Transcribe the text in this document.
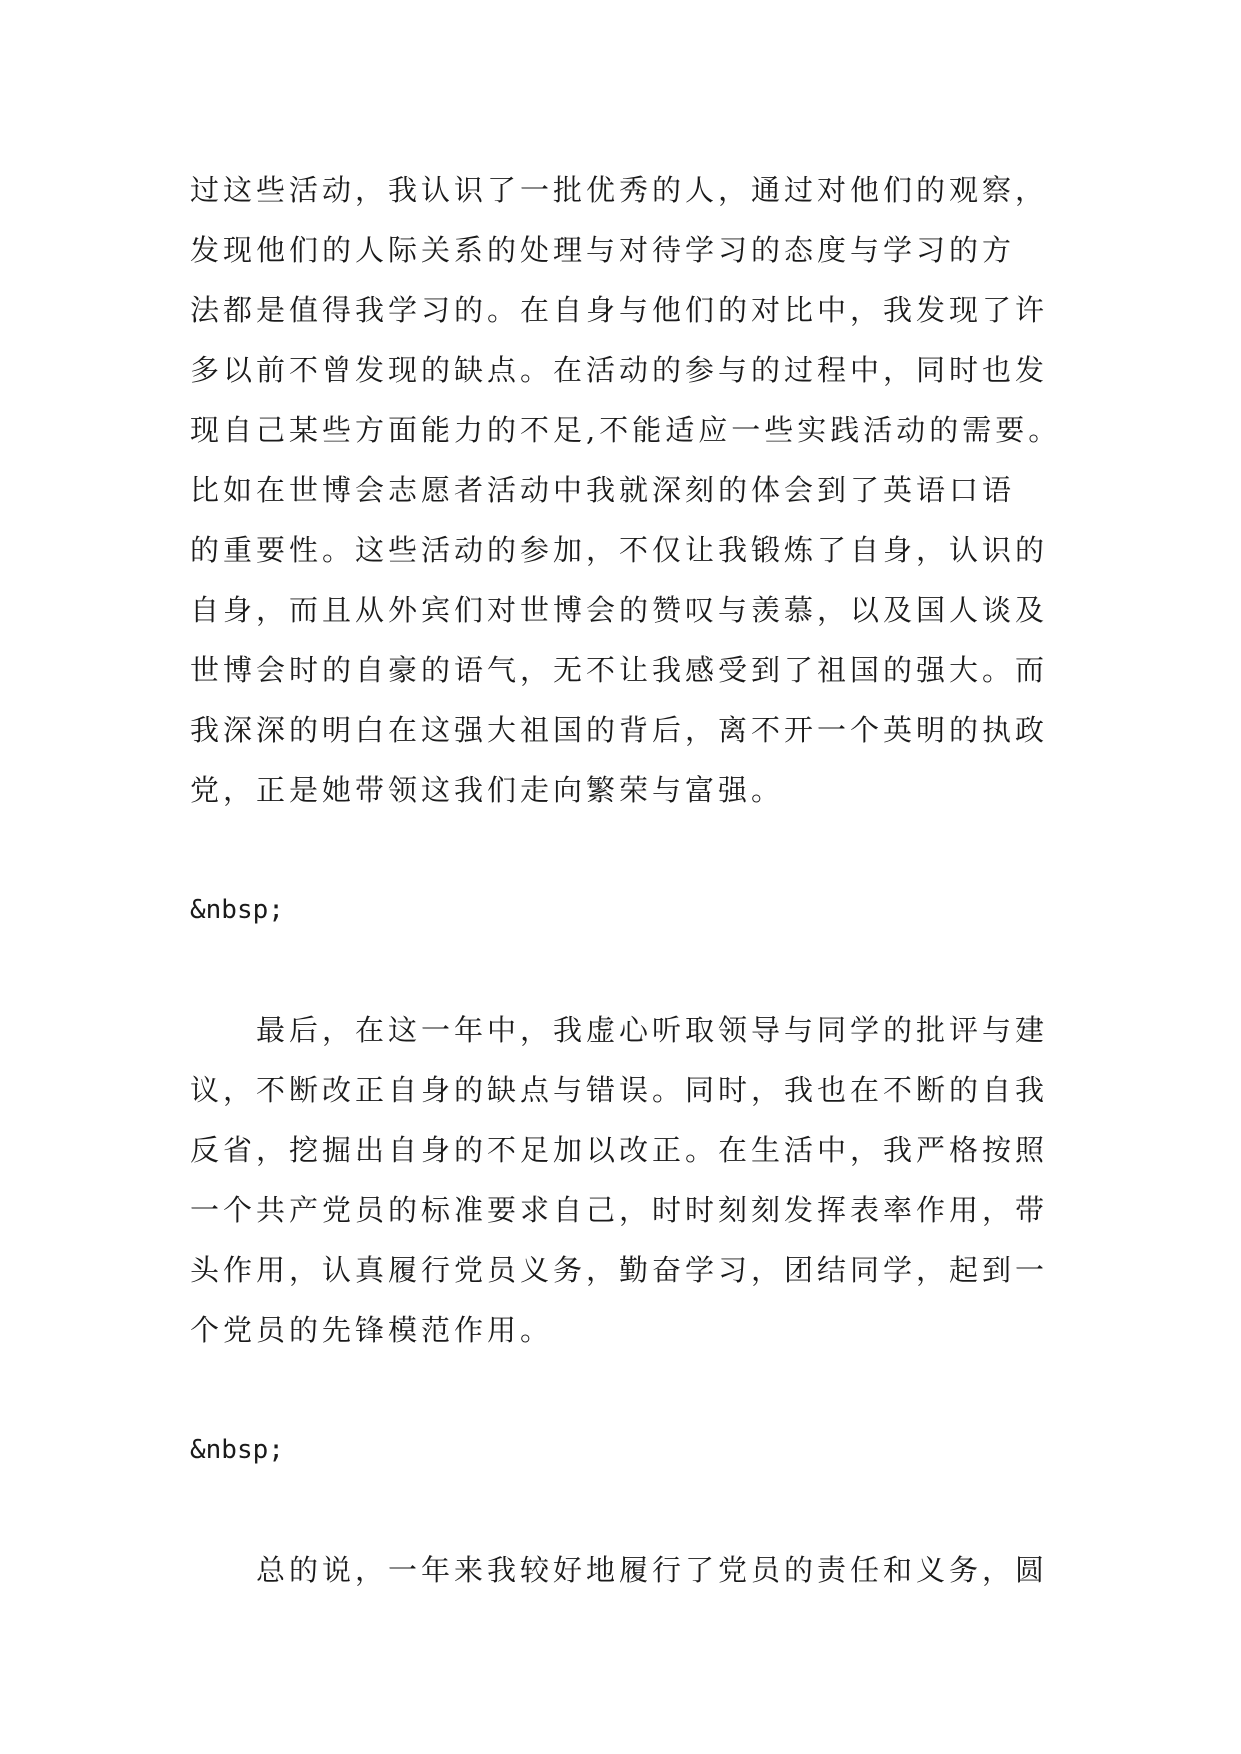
过这些活动，我认识了一批优秀的人，通过对他们的观察，
发现他们的人际关系的处理与对待学习的态度与学习的方
法都是值得我学习的。在自身与他们的对比中，我发现了许
多以前不曾发现的缺点。在活动的参与的过程中，同时也发
现自己某些方面能力的不足,不能适应一些实践活动的需要。
比如在世博会志愿者活动中我就深刻的体会到了英语口语
的重要性。这些活动的参加，不仅让我锻炼了自身，认识的
自身，而且从外宾们对世博会的赞叹与羡慕，以及国人谈及
世博会时的自豪的语气，无不让我感受到了祖国的强大。而
我深深的明白在这强大祖国的背后，离不开一个英明的执政
党，正是她带领这我们走向繁荣与富强。
&nbsp;
最后，在这一年中，我虚心听取领导与同学的批评与建
议，不断改正自身的缺点与错误。同时，我也在不断的自我
反省，挖掘出自身的不足加以改正。在生活中，我严格按照
一个共产党员的标准要求自己，时时刻刻发挥表率作用，带
头作用，认真履行党员义务，勤奋学习，团结同学，起到一
个党员的先锋模范作用。
&nbsp;
总的说，一年来我较好地履行了党员的责任和义务，圆
